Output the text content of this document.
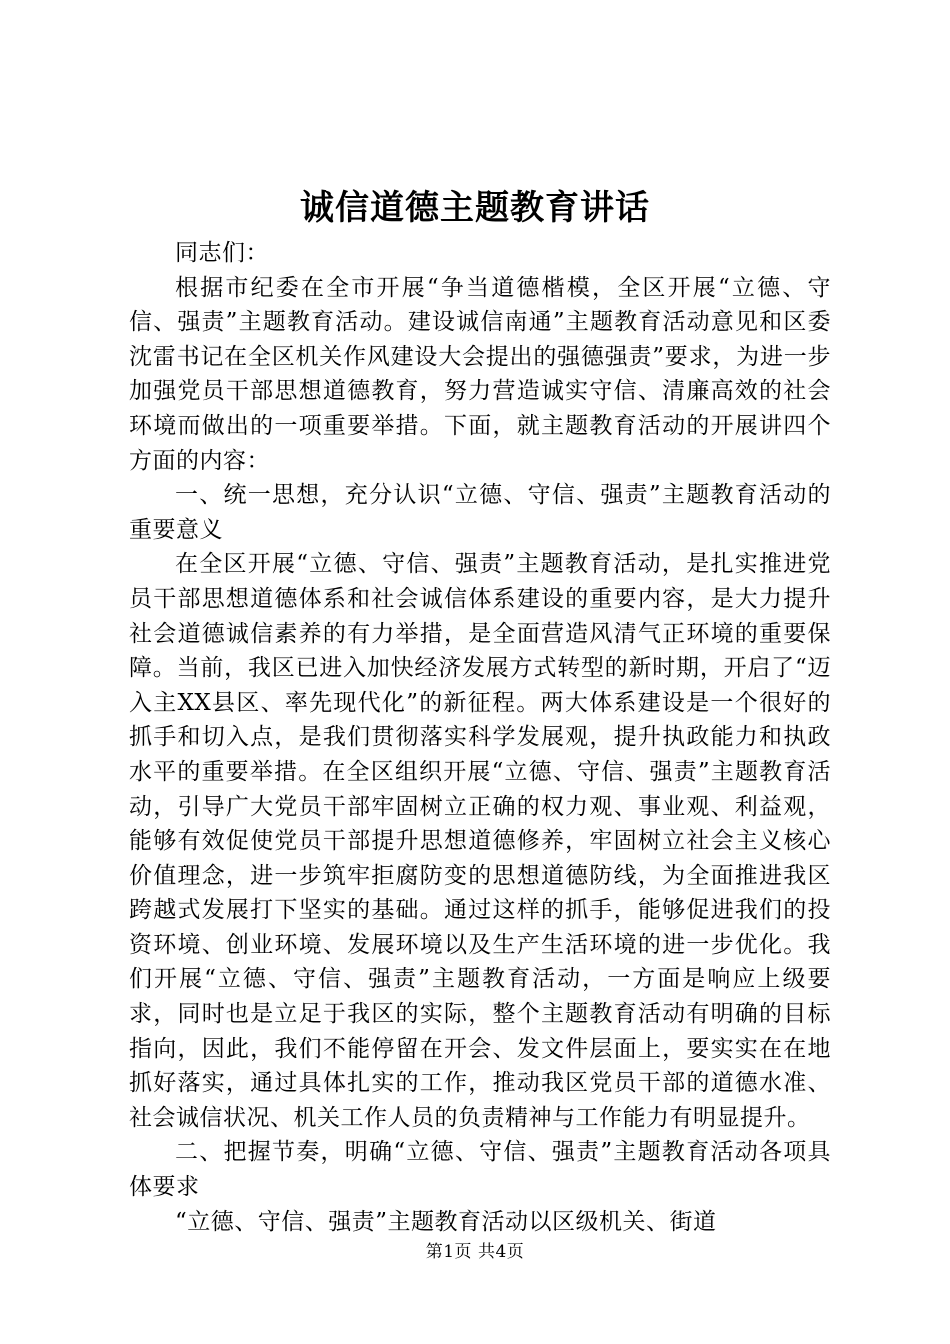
诚信道德主题教育讲话

同志们：

根据市纪委在全市开展“争当道德楷模，全区开展“立德、守信、强责”主题教育活动。建设诚信南通”主题教育活动意见和区委沈雷书记在全区机关作风建设大会提出的强德强责”要求，为进一步加强党员干部思想道德教育，努力营造诚实守信、清廉高效的社会环境而做出的一项重要举措。下面，就主题教育活动的开展讲四个方面的内容：

一、统一思想，充分认识“立德、守信、强责”主题教育活动的重要意义

在全区开展“立德、守信、强责”主题教育活动，是扎实推进党员干部思想道德体系和社会诚信体系建设的重要内容，是大力提升社会道德诚信素养的有力举措，是全面营造风清气正环境的重要保障。当前，我区已进入加快经济发展方式转型的新时期，开启了“迈入主XX县区、率先现代化”的新征程。两大体系建设是一个很好的抓手和切入点，是我们贯彻落实科学发展观，提升执政能力和执政水平的重要举措。在全区组织开展“立德、守信、强责”主题教育活动，引导广大党员干部牢固树立正确的权力观、事业观、利益观，能够有效促使党员干部提升思想道德修养，牢固树立社会主义核心价值理念，进一步筑牢拒腐防变的思想道德防线，为全面推进我区跨越式发展打下坚实的基础。通过这样的抓手，能够促进我们的投资环境、创业环境、发展环境以及生产生活环境的进一步优化。我们开展“立德、守信、强责”主题教育活动，一方面是响应上级要求，同时也是立足于我区的实际，整个主题教育活动有明确的目标指向，因此，我们不能停留在开会、发文件层面上，要实实在在地抓好落实，通过具体扎实的工作，推动我区党员干部的道德水准、社会诚信状况、机关工作人员的负责精神与工作能力有明显提升。

二、把握节奏，明确“立德、守信、强责”主题教育活动各项具体要求

“立德、守信、强责”主题教育活动以区级机关、街道

第1页 共4页
